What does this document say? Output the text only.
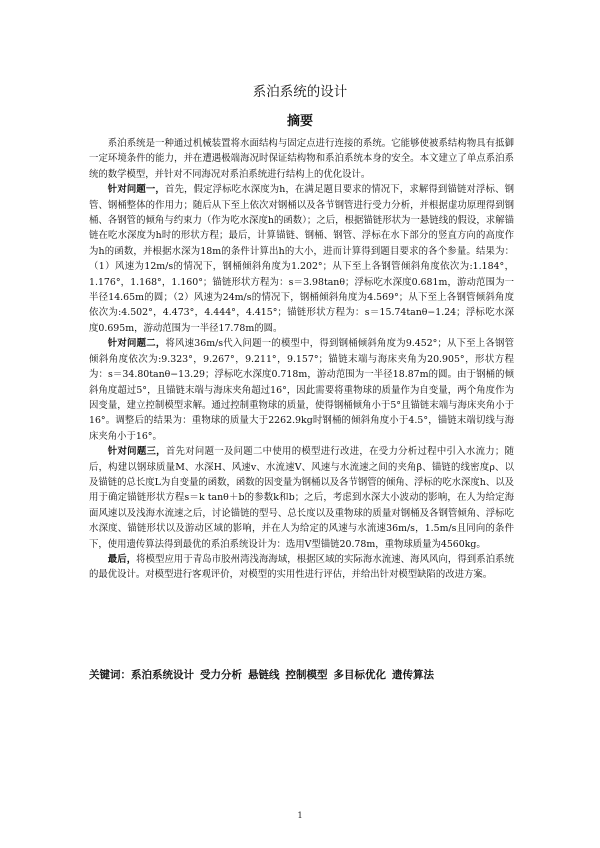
系泊系统的设计
摘要

系泊系统是一种通过机械装置将水面结构与固定点进行连接的系统。它能够使被系结构物具有抵御一定环境条件的能力，并在遭遇极端海况时保证结构物和系泊系统本身的安全。本文建立了单点系泊系统的数学模型，并针对不同海况对系泊系统进行结构上的优化设计。

针对问题一，首先，假定浮标吃水深度为h，在满足题目要求的情况下，求解得到锚链对浮标、钢管、钢桶整体的作用力；随后从下至上依次对钢桶以及各节钢管进行受力分析，并根据虚功原理得到钢桶、各钢管的倾角与约束力（作为吃水深度h的函数）；之后，根据锚链形状为一悬链线的假设，求解锚链在吃水深度为h时的形状方程；最后，计算锚链、钢桶、钢管、浮标在水下部分的竖直方向的高度作为h的函数，并根据水深为18m的条件计算出h的大小，进而计算得到题目要求的各个参量。结果为：（1）风速为12m/s的情况下，钢桶倾斜角度为1.202°；从下至上各钢管倾斜角度依次为:1.184°，1.176°，1.168°，1.160°；锚链形状方程为：s＝3.98tanθ；浮标吃水深度0.681m，游动范围为一半径14.65m的圆；（2）风速为24m/s的情况下，钢桶倾斜角度为4.569°；从下至上各钢管倾斜角度依次为:4.502°，4.473°，4.444°，4.415°；锚链形状方程为：s＝15.74tanθ−1.24；浮标吃水深度0.695m，游动范围为一半径17.78m的圆。

针对问题二，将风速36m/s代入问题一的模型中，得到钢桶倾斜角度为9.452°；从下至上各钢管倾斜角度依次为:9.323°，9.267°，9.211°，9.157°；锚链末端与海床夹角为20.905°，形状方程为：s＝34.80tanθ−13.29；浮标吃水深度0.718m，游动范围为一半径18.87m的圆。由于钢桶的倾斜角度超过5°，且锚链末端与海床夹角超过16°，因此需要将重物球的质量作为自变量，两个角度作为因变量，建立控制模型求解。通过控制重物球的质量，使得钢桶倾角小于5°且锚链末端与海床夹角小于16°。调整后的结果为：重物球的质量大于2262.9kg时钢桶的倾斜角度小于4.5°，锚链末端切线与海床夹角小于16°。

针对问题三，首先对问题一及问题二中使用的模型进行改进，在受力分析过程中引入水流力；随后，构建以钢球质量M、水深H、风速v、水流速V、风速与水流速之间的夹角β、锚链的线密度ρ、以及锚链的总长度L为自变量的函数，函数的因变量为钢桶以及各节钢管的倾角、浮标的吃水深度h、以及用于确定锚链形状方程s＝k tanθ＋b的参数k和b；之后，考虑到水深大小波动的影响，在人为给定海面风速以及浅海水流速之后，讨论锚链的型号、总长度以及重物球的质量对钢桶及各钢管倾角、浮标吃水深度、锚链形状以及游动区域的影响，并在人为给定的风速与水流速36m/s，1.5m/s且同向的条件下，使用遗传算法得到最优的系泊系统设计为：选用Ⅴ型锚链20.78m，重物球质量为4560kg。

最后，将模型应用于青岛市胶州湾浅海海域，根据区域的实际海水流速、海风风向，得到系泊系统的最优设计。对模型进行客观评价，对模型的实用性进行评估，并给出针对模型缺陷的改进方案。

关键词：系泊系统设计 受力分析 悬链线 控制模型 多目标优化 遗传算法
1
